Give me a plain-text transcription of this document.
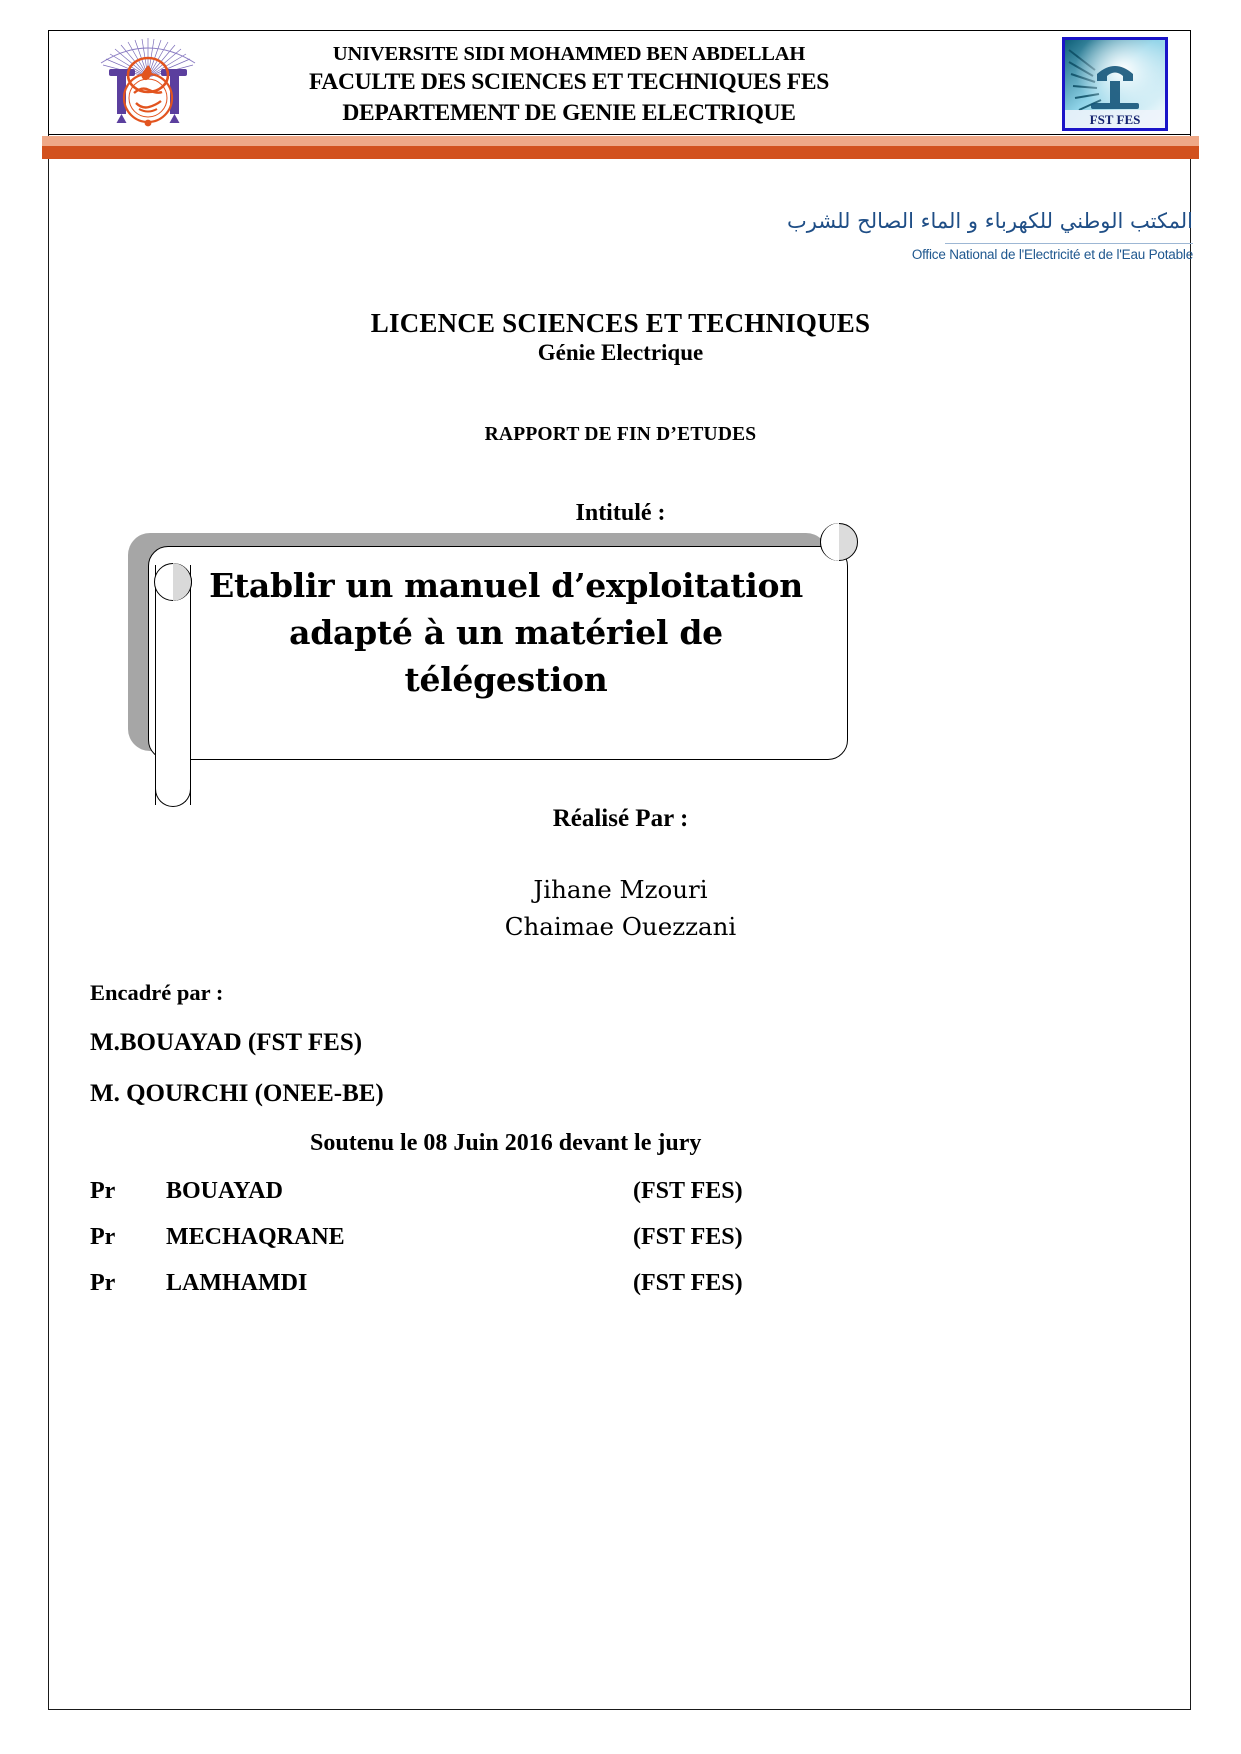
UNIVERSITE SIDI MOHAMMED BEN ABDELLAH
FACULTE DES SCIENCES ET TECHNIQUES FES
DEPARTEMENT DE GENIE ELECTRIQUE	FST FES
المكتب الوطني للكهرباء و الماء الصالح للشرب
Office National de l'Electricité et de l'Eau Potable
LICENCE SCIENCES ET TECHNIQUES
Génie Electrique
RAPPORT DE FIN D’ETUDES
Intitulé :
Etablir un manuel d’exploitation
adapté à un matériel de
télégestion
Réalisé Par :
Jihane Mzouri
Chaimae Ouezzani
Encadré par :
M.BOUAYAD (FST FES)
M. QOURCHI (ONEE-BE)
Soutenu le 08 Juin 2016 devant le jury
Pr BOUAYAD	(FST FES)
Pr MECHAQRANE	(FST FES)
Pr LAMHAMDI	(FST FES)
